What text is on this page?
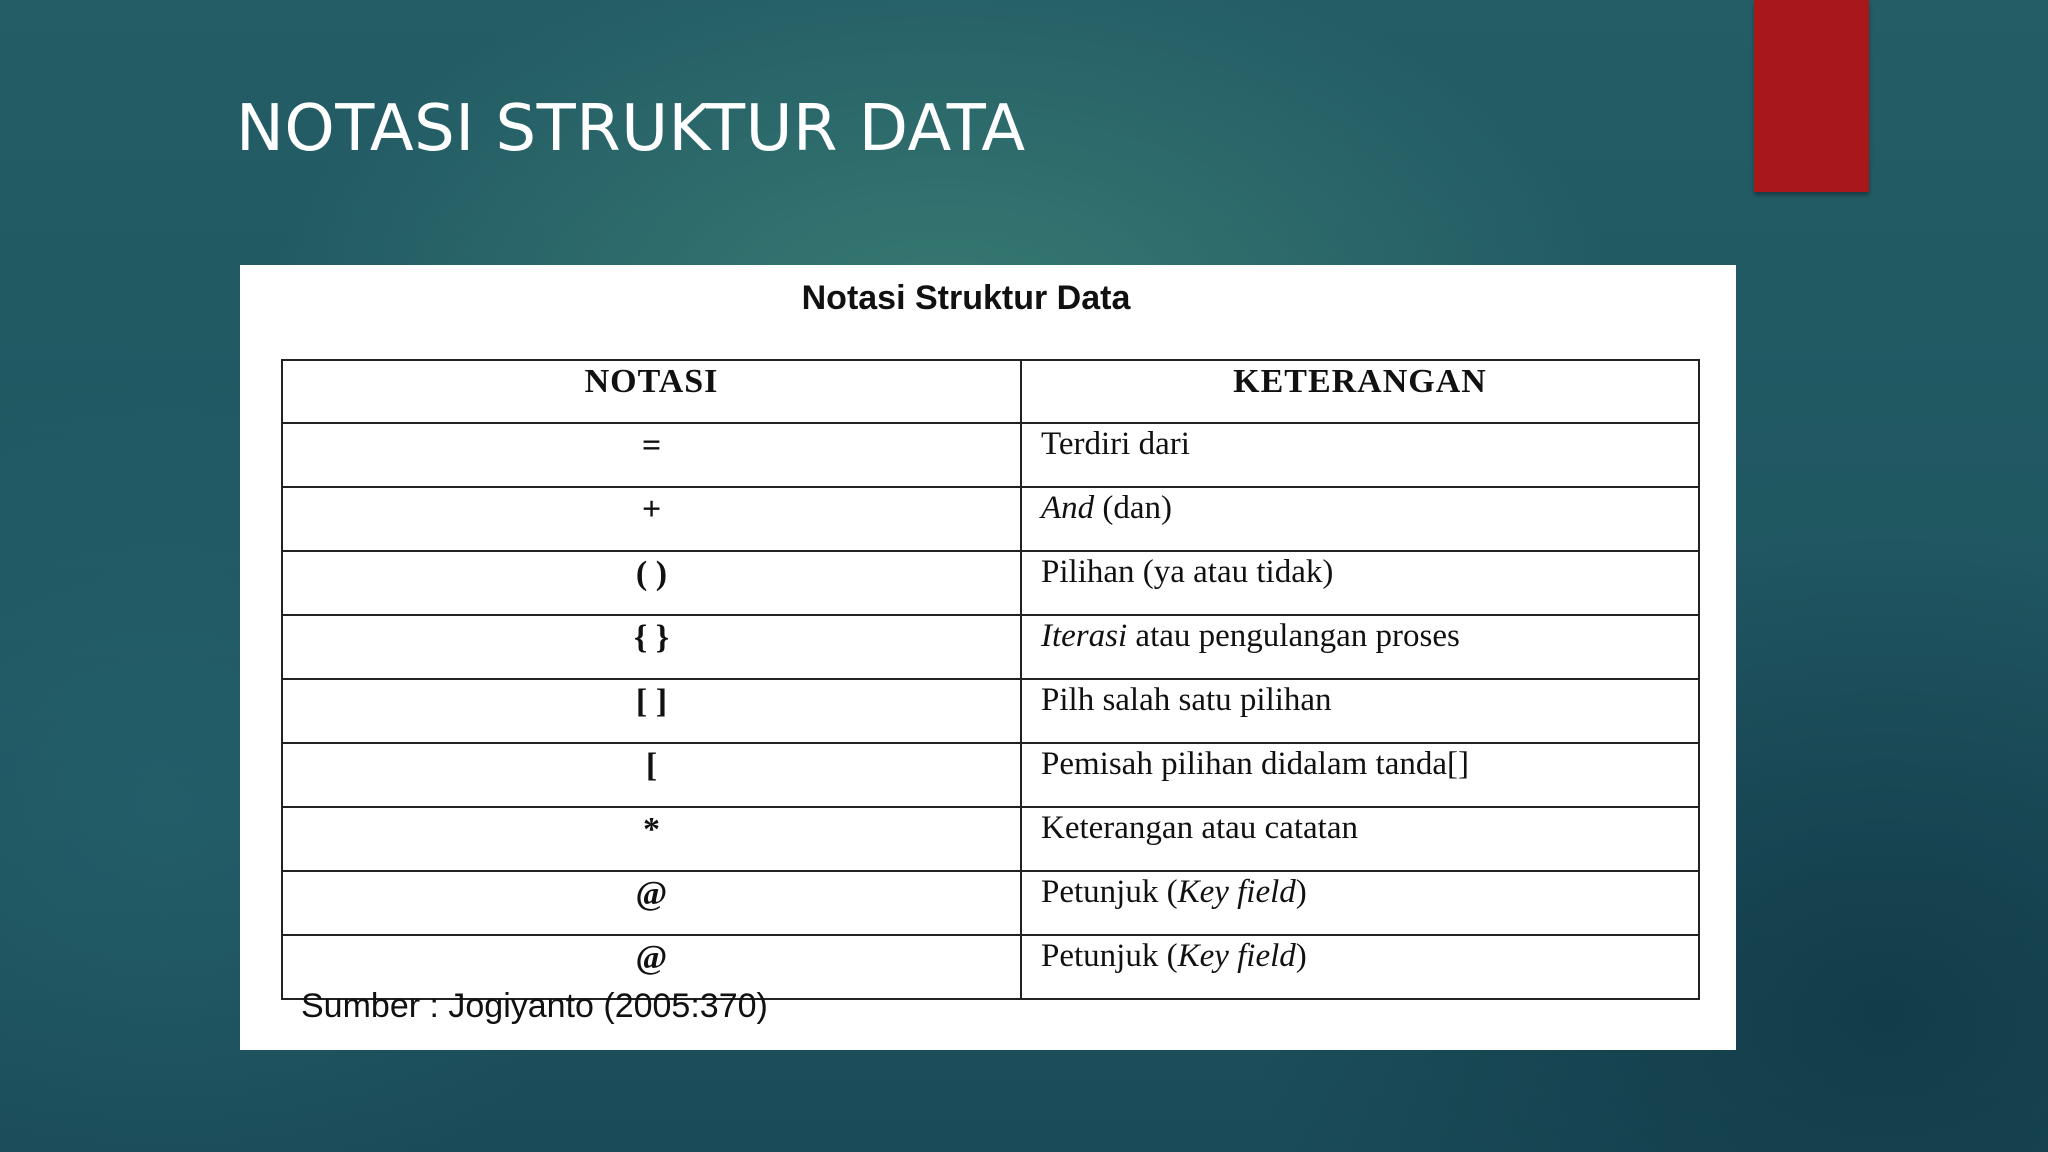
NOTASI STRUKTUR DATA
Notasi Struktur Data
NOTASI	KETERANGAN
=	Terdiri dari
+	And (dan)
( )	Pilihan (ya atau tidak)
{ }	Iterasi atau pengulangan proses
[ ]	Pilh salah satu pilihan
[	Pemisah pilihan didalam tanda[]
*	Keterangan atau catatan
@	Petunjuk (Key field)
@	Petunjuk (Key field)
Sumber : Jogiyanto (2005:370)
